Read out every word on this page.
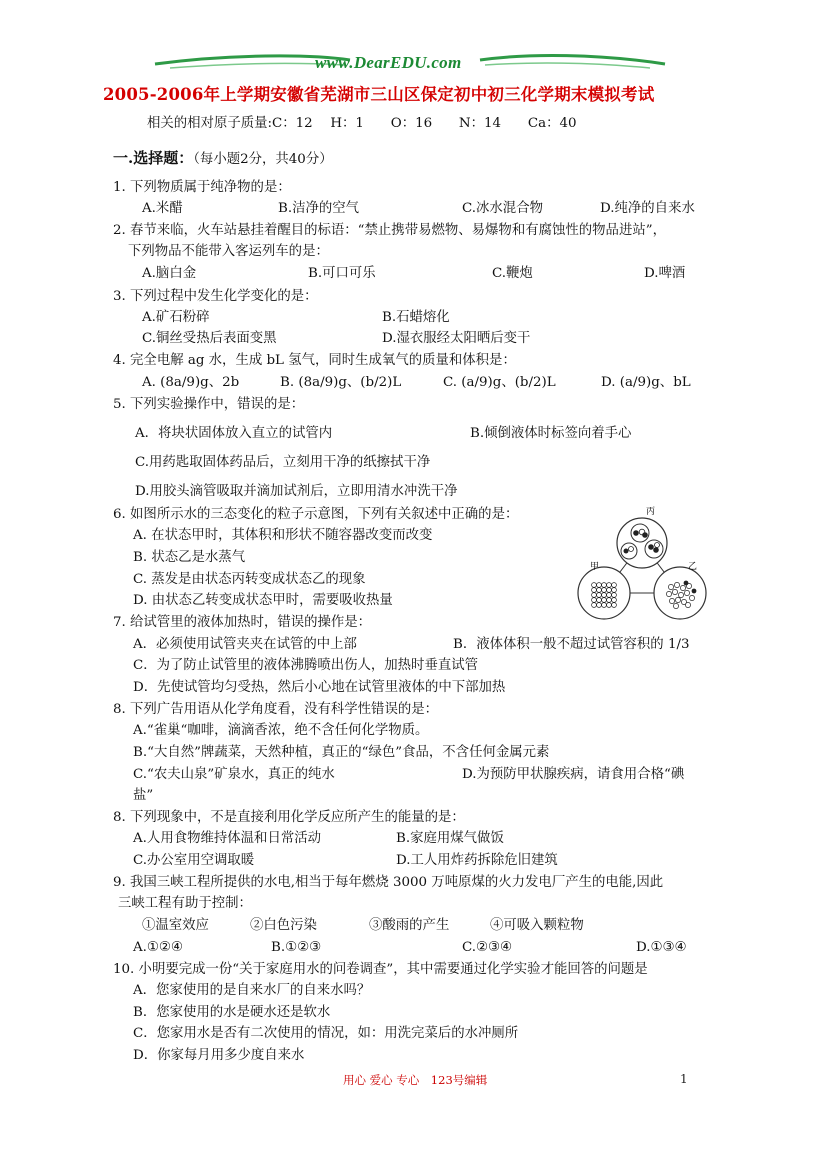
www.DearEDU.com
2005-2006年上学期安徽省芜湖市三山区保定初中初三化学期末模拟考试
相关的相对原子质量:C：12　 H：1　　O：16　　N：14　　Ca：40
一.选择题：（每小题2分，共40分）
1. 下列物质属于纯净物的是：
A.米醋	B.洁净的空气	C.冰水混合物	D.纯净的自来水
2. 春节来临，火车站悬挂着醒目的标语：“禁止携带易燃物、易爆物和有腐蚀性的物品进站”，
下列物品不能带入客运列车的是：
A.脑白金	B.可口可乐	C.鞭炮	D.啤酒
3. 下列过程中发生化学变化的是：
A.矿石粉碎	B.石蜡熔化
C.铜丝受热后表面变黑	D.湿衣服经太阳晒后变干
4. 完全电解 ag 水，生成 bL 氢气，同时生成氧气的质量和体积是：
A. (8a/9)g、2b	B. (8a/9)g、(b/2)L	C. (a/9)g、(b/2)L	D. (a/9)g、bL
5. 下列实验操作中，错误的是：
A．将块状固体放入直立的试管内	B.倾倒液体时标签向着手心
C.用药匙取固体药品后，立刻用干净的纸擦拭干净
D.用胶头滴管吸取并滴加试剂后，立即用清水冲洗干净
6. 如图所示水的三态变化的粒子示意图，下列有关叙述中正确的是：
A. 在状态甲时，其体积和形状不随容器改变而改变
B. 状态乙是水蒸气
C. 蒸发是由状态丙转变成状态乙的现象
D. 由状态乙转变成状态甲时，需要吸收热量
丙
甲	乙
7. 给试管里的液体加热时，错误的操作是：
A．必须使用试管夹夹在试管的中上部	B．液体体积一般不超过试管容积的 1/3
C．为了防止试管里的液体沸腾喷出伤人，加热时垂直试管
D．先使试管均匀受热，然后小心地在试管里液体的中下部加热
8. 下列广告用语从化学角度看，没有科学性错误的是：
A.“雀巢“咖啡，滴滴香浓，绝不含任何化学物质。
B.“大自然”牌蔬菜，天然种植，真正的“绿色”食品，不含任何金属元素
C.“农夫山泉”矿泉水，真正的纯水	D.为预防甲状腺疾病，请食用合格“碘
盐”
8. 下列现象中，不是直接利用化学反应所产生的能量的是：
A.人用食物维持体温和日常活动	B.家庭用煤气做饭
C.办公室用空调取暖	D.工人用炸药拆除危旧建筑
9. 我国三峡工程所提供的水电,相当于每年燃烧 3000 万吨原煤的火力发电厂产生的电能,因此
三峡工程有助于控制：
①温室效应	②白色污染	③酸雨的产生	④可吸入颗粒物
A.①②④	B.①②③	C.②③④	D.①③④
10. 小明要完成一份“关于家庭用水的问卷调查”，其中需要通过化学实验才能回答的问题是
A．您家使用的是自来水厂的自来水吗？
B．您家使用的水是硬水还是软水
C．您家用水是否有二次使用的情况，如：用洗完菜后的水冲厕所
D．你家每月用多少度自来水
用心 爱心 专心　123号编辑	1
